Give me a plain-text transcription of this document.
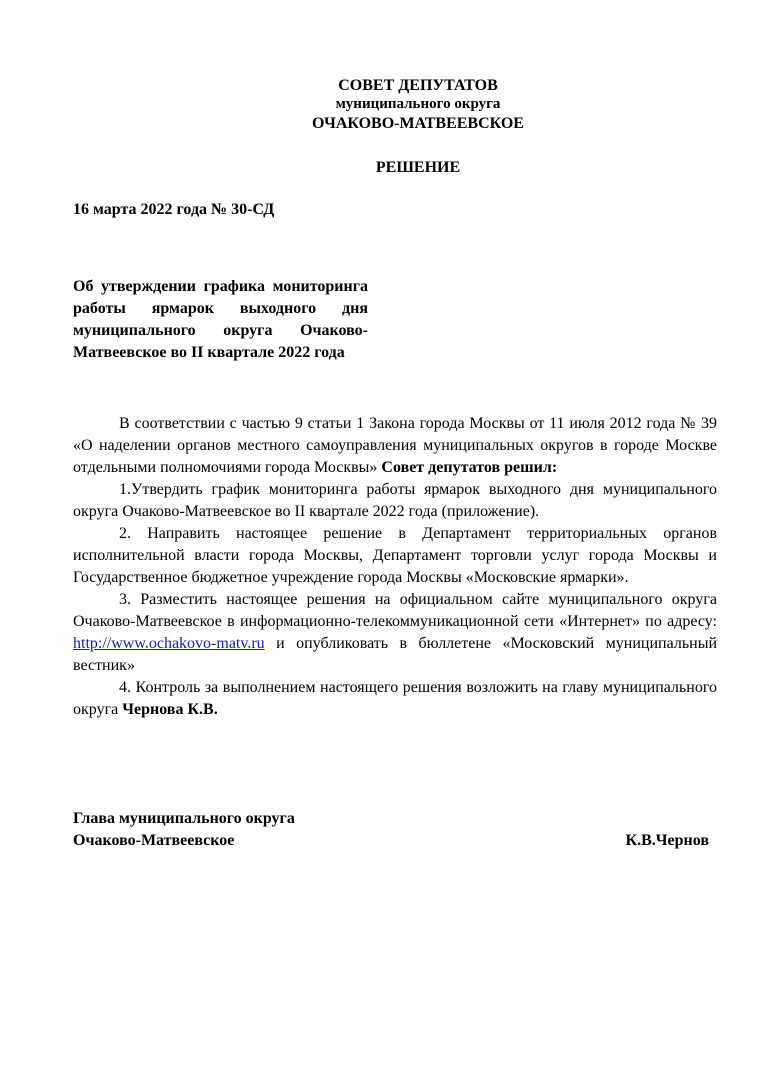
СОВЕТ ДЕПУТАТОВ
муниципального округа
ОЧАКОВО-МАТВЕЕВСКОЕ
РЕШЕНИЕ
16 марта 2022 года № 30-СД
Об утверждении графика мониторинга работы ярмарок выходного дня муниципального округа Очаково-Матвеевское во II квартале 2022 года

В соответствии с частью 9 статьи 1 Закона города Москвы от 11 июля 2012 года № 39 «О наделении органов местного самоуправления муниципальных округов в городе Москве отдельными полномочиями города Москвы» Совет депутатов решил:

1.Утвердить график мониторинга работы ярмарок выходного дня муниципального округа Очаково-Матвеевское во II квартале 2022 года (приложение).

2. Направить настоящее решение в Департамент территориальных органов исполнительной власти города Москвы, Департамент торговли услуг города Москвы и Государственное бюджетное учреждение города Москвы «Московские ярмарки».

3. Разместить настоящее решения на официальном сайте муниципального округа Очаково-Матвеевское в информационно-телекоммуникационной сети «Интернет» по адресу: http://www.ochakovo-matv.ru и опубликовать в бюллетене «Московский муниципальный вестник»

4. Контроль за выполнением настоящего решения возложить на главу муниципального округа Чернова К.В.

Глава муниципального округа
Очаково-Матвеевское	К.В.Чернов
